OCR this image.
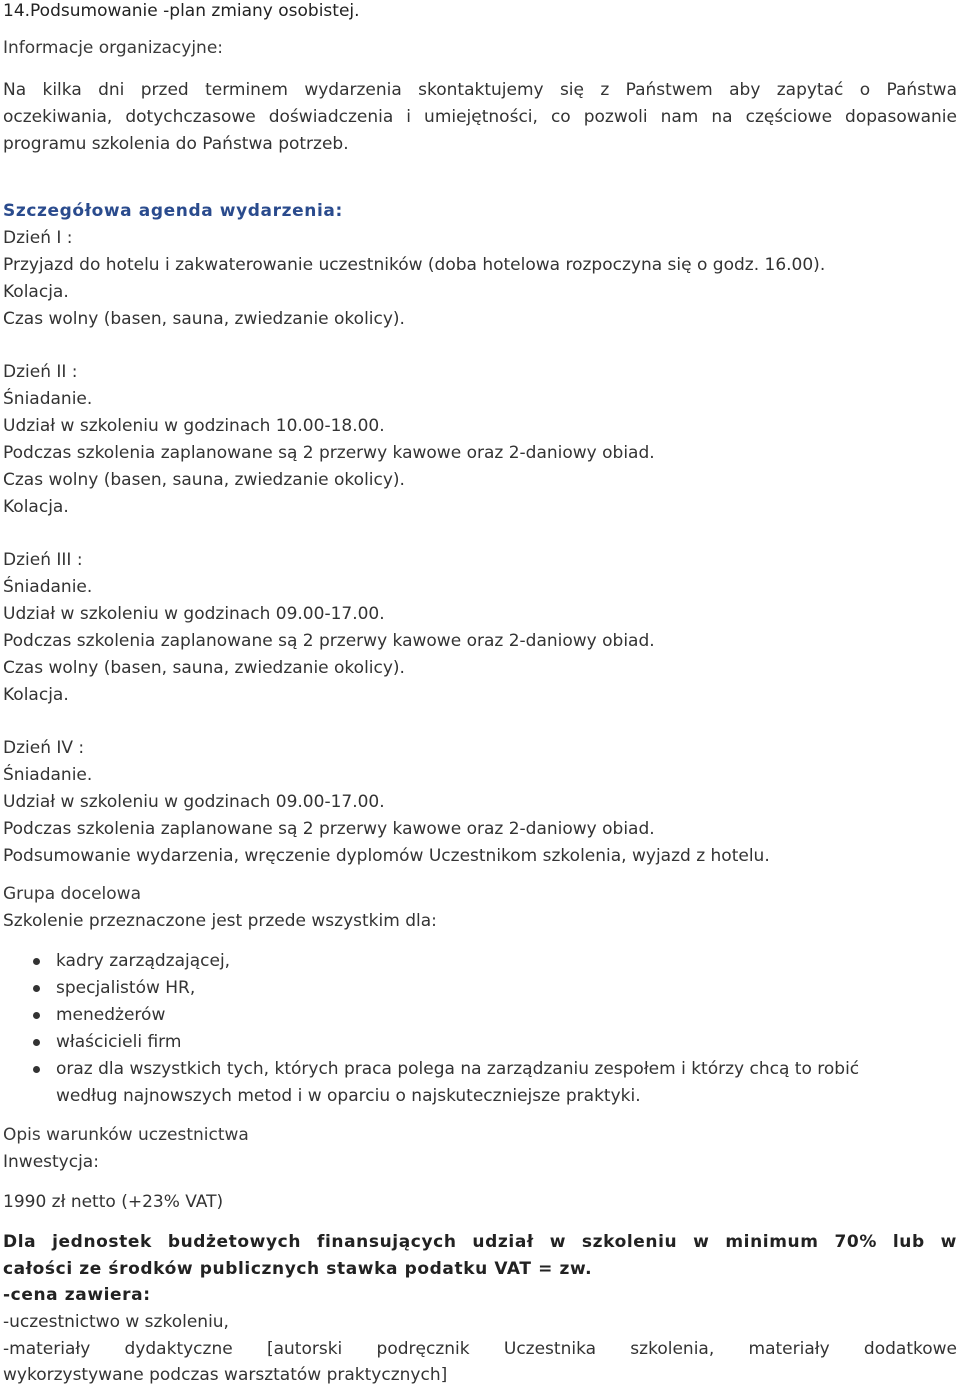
14.Podsumowanie -plan zmiany osobistej.
Informacje organizacyjne:
Na kilka dni przed terminem wydarzenia skontaktujemy się z Państwem aby zapytać o Państwa
oczekiwania, dotychczasowe doświadczenia i umiejętności, co pozwoli nam na częściowe dopasowanie
programu szkolenia do Państwa potrzeb.
Szczegółowa agenda wydarzenia:
Dzień I :
Przyjazd do hotelu i zakwaterowanie uczestników (doba hotelowa rozpoczyna się o godz. 16.00).
Kolacja.
Czas wolny (basen, sauna, zwiedzanie okolicy).
Dzień II :
Śniadanie.
Udział w szkoleniu w godzinach 10.00-18.00.
Podczas szkolenia zaplanowane są 2 przerwy kawowe oraz 2-daniowy obiad.
Czas wolny (basen, sauna, zwiedzanie okolicy).
Kolacja.
Dzień III :
Śniadanie.
Udział w szkoleniu w godzinach 09.00-17.00.
Podczas szkolenia zaplanowane są 2 przerwy kawowe oraz 2-daniowy obiad.
Czas wolny (basen, sauna, zwiedzanie okolicy).
Kolacja.
Dzień IV :
Śniadanie.
Udział w szkoleniu w godzinach 09.00-17.00.
Podczas szkolenia zaplanowane są 2 przerwy kawowe oraz 2-daniowy obiad.
Podsumowanie wydarzenia, wręczenie dyplomów Uczestnikom szkolenia, wyjazd z hotelu.
Grupa docelowa
Szkolenie przeznaczone jest przede wszystkim dla:
kadry zarządzającej,
specjalistów HR,
menedżerów
właścicieli firm
oraz dla wszystkich tych, których praca polega na zarządzaniu zespołem i którzy chcą to robić
według najnowszych metod i w oparciu o najskuteczniejsze praktyki.
Opis warunków uczestnictwa
Inwestycja:
1990 zł netto (+23% VAT)
Dla jednostek budżetowych finansujących udział w szkoleniu w minimum 70% lub w
całości ze środków publicznych stawka podatku VAT = zw.
-cena zawiera:
-uczestnictwo w szkoleniu,
-materiały dydaktyczne [autorski podręcznik Uczestnika szkolenia, materiały dodatkowe
wykorzystywane podczas warsztatów praktycznych]
